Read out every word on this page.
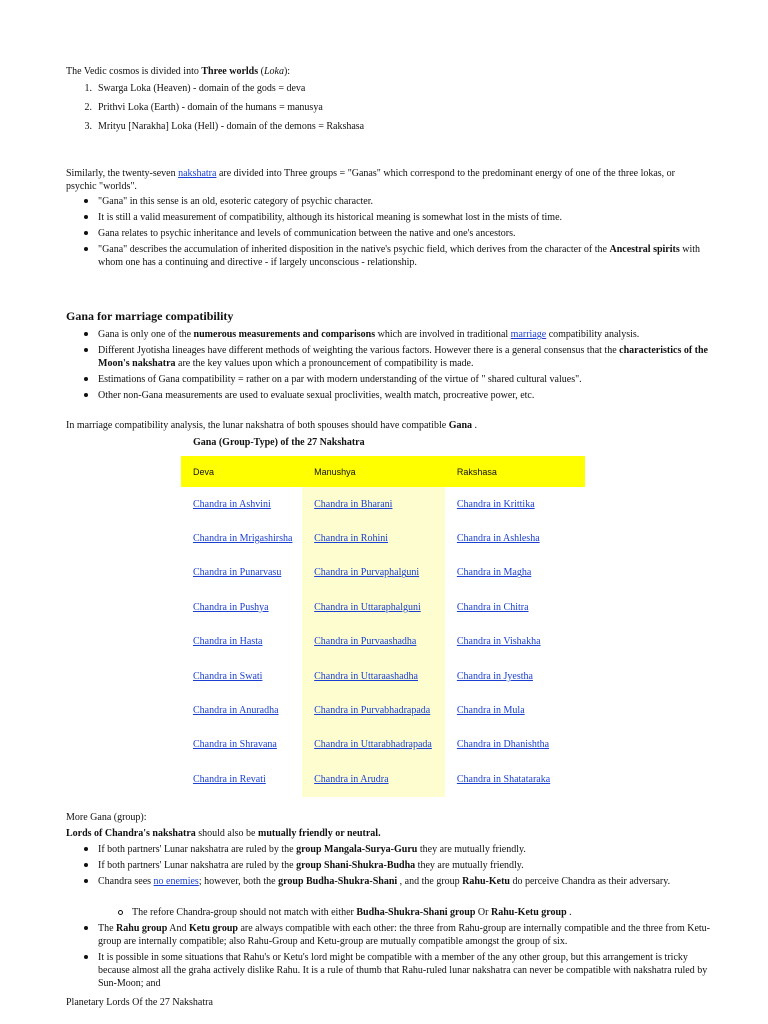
The Vedic cosmos is divided into Three worlds (Loka):

1. Swarga Loka (Heaven) - domain of the gods = deva
2. Prithvi Loka (Earth) - domain of the humans = manusya
3. Mrityu [Narakha] Loka (Hell) - domain of the demons = Rakshasa

Similarly, the twenty-seven nakshatra are divided into Three groups = "Ganas" which correspond to the predominant energy of one of the three lokas, or psychic "worlds".

"Gana" in this sense is an old, esoteric category of psychic character.
It is still a valid measurement of compatibility, although its historical meaning is somewhat lost in the mists of time.
Gana relates to psychic inheritance and levels of communication between the native and one's ancestors.
"Gana" describes the accumulation of inherited disposition in the native's psychic field, which derives from the character of the Ancestral spirits with whom one has a continuing and directive - if largely unconscious - relationship.
Gana for marriage compatibility
Gana is only one of the numerous measurements and comparisons which are involved in traditional marriage compatibility analysis.
Different Jyotisha lineages have different methods of weighting the various factors. However there is a general consensus that the characteristics of the Moon's nakshatra are the key values upon which a pronouncement of compatibility is made.
Estimations of Gana compatibility = rather on a par with modern understanding of the virtue of " shared cultural values".
Other non-Gana measurements are used to evaluate sexual proclivities, wealth match, procreative power, etc.

In marriage compatibility analysis, the lunar nakshatra of both spouses should have compatible Gana .

Gana (Group-Type) of the 27 Nakshatra
Deva	Manushya	Rakshasa
Chandra in Ashvini	Chandra in Bharani	Chandra in Krittika
Chandra in Mrigashirsha	Chandra in Rohini	Chandra in Ashlesha
Chandra in Punarvasu	Chandra in Purvaphalguni	Chandra in Magha
Chandra in Pushya	Chandra in Uttaraphalguni	Chandra in Chitra
Chandra in Hasta	Chandra in Purvaashadha	Chandra in Vishakha
Chandra in Swati	Chandra in Uttaraashadha	Chandra in Jyestha
Chandra in Anuradha	Chandra in Purvabhadrapada	Chandra in Mula
Chandra in Shravana	Chandra in Uttarabhadrapada	Chandra in Dhanishtha
Chandra in Revati	Chandra in Arudra	Chandra in Shatataraka

More Gana (group):

Lords of Chandra's nakshatra should also be mutually friendly or neutral.

If both partners' Lunar nakshatra are ruled by the group Mangala-Surya-Guru they are mutually friendly.
If both partners' Lunar nakshatra are ruled by the group Shani-Shukra-Budha they are mutually friendly.
Chandra sees no enemies; however, both the group Budha-Shukra-Shani , and the group Rahu-Ketu do perceive Chandra as their adversary.
The refore Chandra-group should not match with either Budha-Shukra-Shani group Or Rahu-Ketu group .
The Rahu group And Ketu group are always compatible with each other: the three from Rahu-group are internally compatible and the three from Ketu-group are internally compatible; also Rahu-Group and Ketu-group are mutually compatible amongst the group of six.
It is possible in some situations that Rahu's or Ketu's lord might be compatible with a member of the any other group, but this arrangement is tricky because almost all the graha actively dislike Rahu. It is a rule of thumb that Rahu-ruled lunar nakshatra can never be compatible with nakshatra ruled by Sun-Moon; and

Planetary Lords Of the 27 Nakshatra
